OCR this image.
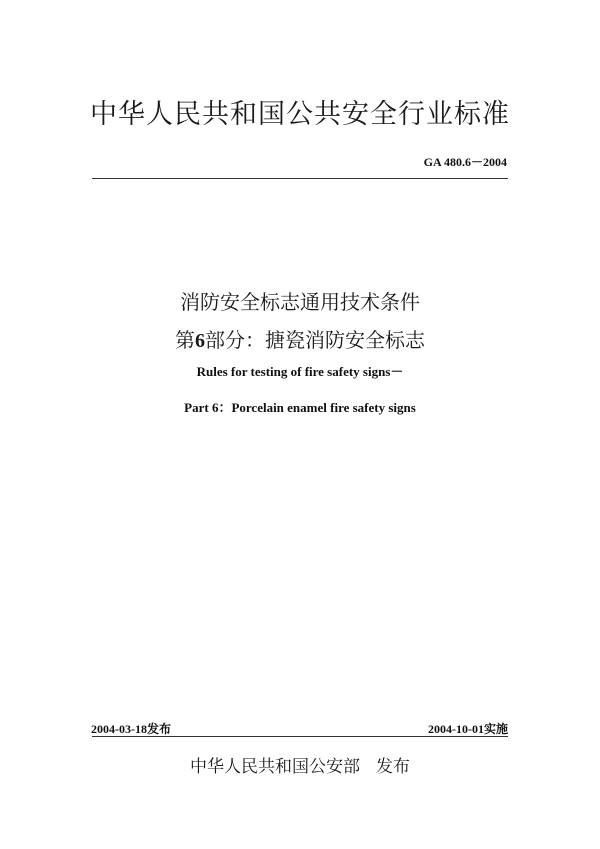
中华人民共和国公共安全行业标准
GA 480.6－2004
消防安全标志通用技术条件
第6部分：搪瓷消防安全标志
Rules for testing of fire safety signs－
Part 6：Porcelain enamel fire safety signs
2004-03-18发布	2004-10-01实施
中华人民共和国公安部 发布
